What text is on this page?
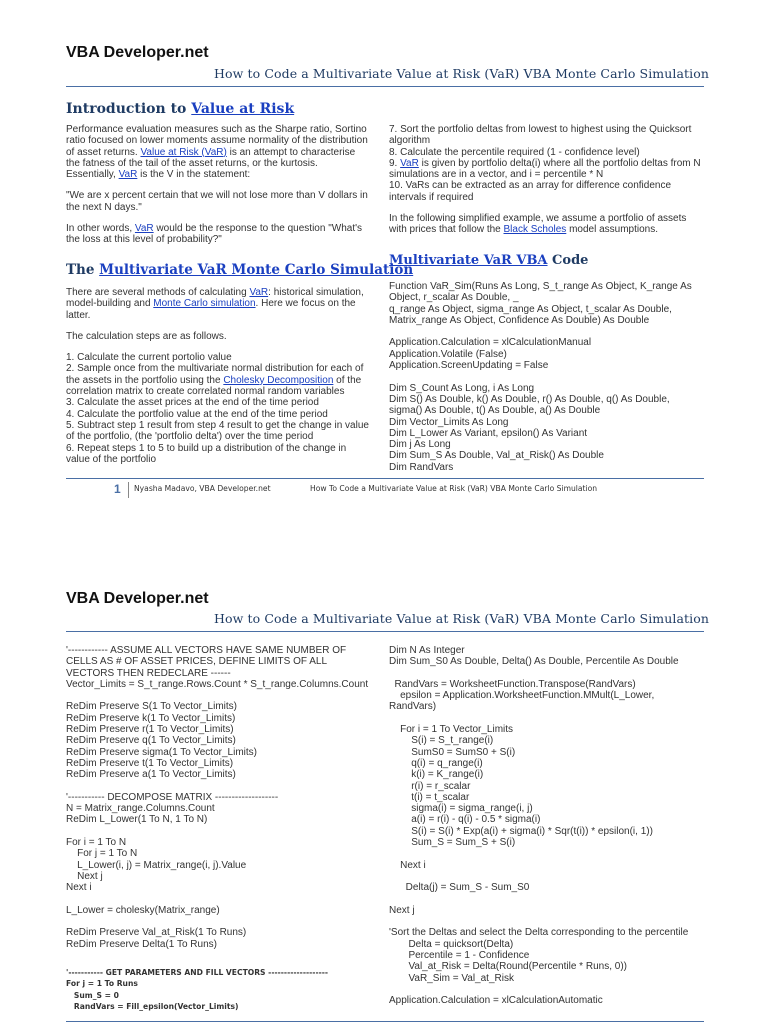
VBA Developer.net
How to Code a Multivariate Value at Risk (VaR) VBA Monte Carlo Simulation
Introduction to Value at Risk

Performance evaluation measures such as the Sharpe ratio, Sortino ratio focused on lower moments assume normality of the distribution of asset returns. Value at Risk (VaR) is an attempt to characterise the fatness of the tail of the asset returns, or the kurtosis. Essentially, VaR is the V in the statement:

"We are x percent certain that we will not lose more than V dollars in the next N days."

In other words, VaR would be the response to the question "What's the loss at this level of probability?"

The Multivariate VaR Monte Carlo Simulation

There are several methods of calculating VaR: historical simulation, model-building and Monte Carlo simulation. Here we focus on the latter.

The calculation steps are as follows.

1. Calculate the current portolio value
2. Sample once from the multivariate normal distribution for each of the assets in the portfolio using the Cholesky Decomposition of the correlation matrix to create correlated normal random variables
3. Calculate the asset prices at the end of the time period
4. Calculate the portfolio value at the end of the time period
5. Subtract step 1 result from step 4 result to get the change in value of the portfolio, (the 'portfolio delta') over the time period
6. Repeat steps 1 to 5 to build up a distribution of the change in value of the portfolio
7. Sort the portfolio deltas from lowest to highest using the Quicksort algorithm
8. Calculate the percentile required (1 - confidence level)
9. VaR is given by portfolio delta(i) where all the portfolio deltas from N simulations are in a vector, and i = percentile * N
10. VaRs can be extracted as an array for difference confidence intervals if required

In the following simplified example, we assume a portfolio of assets with prices that follow the Black Scholes model assumptions.

Multivariate VaR VBA Code
Function VaR_Sim(Runs As Long, S_t_range As Object, K_range As
Object, r_scalar As Double, _
q_range As Object, sigma_range As Object, t_scalar As Double,
Matrix_range As Object, Confidence As Double) As Double

Application.Calculation = xlCalculationManual
Application.Volatile (False)
Application.ScreenUpdating = False

Dim S_Count As Long, i As Long
Dim S() As Double, k() As Double, r() As Double, q() As Double,
sigma() As Double, t() As Double, a() As Double
Dim Vector_Limits As Long
Dim L_Lower As Variant, epsilon() As Variant
Dim j As Long
Dim Sum_S As Double, Val_at_Risk() As Double
Dim RandVars
1 Nyasha Madavo, VBA Developer.net	How To Code a Multivariate Value at Risk (VaR) VBA Monte Carlo Simulation
VBA Developer.net
How to Code a Multivariate Value at Risk (VaR) VBA Monte Carlo Simulation
'------------ ASSUME ALL VECTORS HAVE SAME NUMBER OF
CELLS AS # OF ASSET PRICES, DEFINE LIMITS OF ALL
VECTORS THEN REDECLARE ------
Vector_Limits = S_t_range.Rows.Count * S_t_range.Columns.Count

ReDim Preserve S(1 To Vector_Limits)
ReDim Preserve k(1 To Vector_Limits)
ReDim Preserve r(1 To Vector_Limits)
ReDim Preserve q(1 To Vector_Limits)
ReDim Preserve sigma(1 To Vector_Limits)
ReDim Preserve t(1 To Vector_Limits)
ReDim Preserve a(1 To Vector_Limits)

'----------- DECOMPOSE MATRIX -------------------
N = Matrix_range.Columns.Count
ReDim L_Lower(1 To N, 1 To N)

For i = 1 To N
For j = 1 To N
L_Lower(i, j) = Matrix_range(i, j).Value
Next j
Next i

L_Lower = cholesky(Matrix_range)

ReDim Preserve Val_at_Risk(1 To Runs)
ReDim Preserve Delta(1 To Runs)

'----------- GET PARAMETERS AND FILL VECTORS -------------------
For j = 1 To Runs
Sum_S = 0
RandVars = Fill_epsilon(Vector_Limits)
Dim N As Integer
Dim Sum_S0 As Double, Delta() As Double, Percentile As Double

RandVars = WorksheetFunction.Transpose(RandVars)
epsilon = Application.WorksheetFunction.MMult(L_Lower,
RandVars)

For i = 1 To Vector_Limits
S(i) = S_t_range(i)
SumS0 = SumS0 + S(i)
q(i) = q_range(i)
k(i) = K_range(i)
r(i) = r_scalar
t(i) = t_scalar
sigma(i) = sigma_range(i, j)
a(i) = r(i) - q(i) - 0.5 * sigma(i)
S(i) = S(i) * Exp(a(i) + sigma(i) * Sqr(t(i)) * epsilon(i, 1))
Sum_S = Sum_S + S(i)

Next i

Delta(j) = Sum_S - Sum_S0

Next j

'Sort the Deltas and select the Delta corresponding to the percentile
Delta = quicksort(Delta)
Percentile = 1 - Confidence
Val_at_Risk = Delta(Round(Percentile * Runs, 0))
VaR_Sim = Val_at_Risk

Application.Calculation = xlCalculationAutomatic
